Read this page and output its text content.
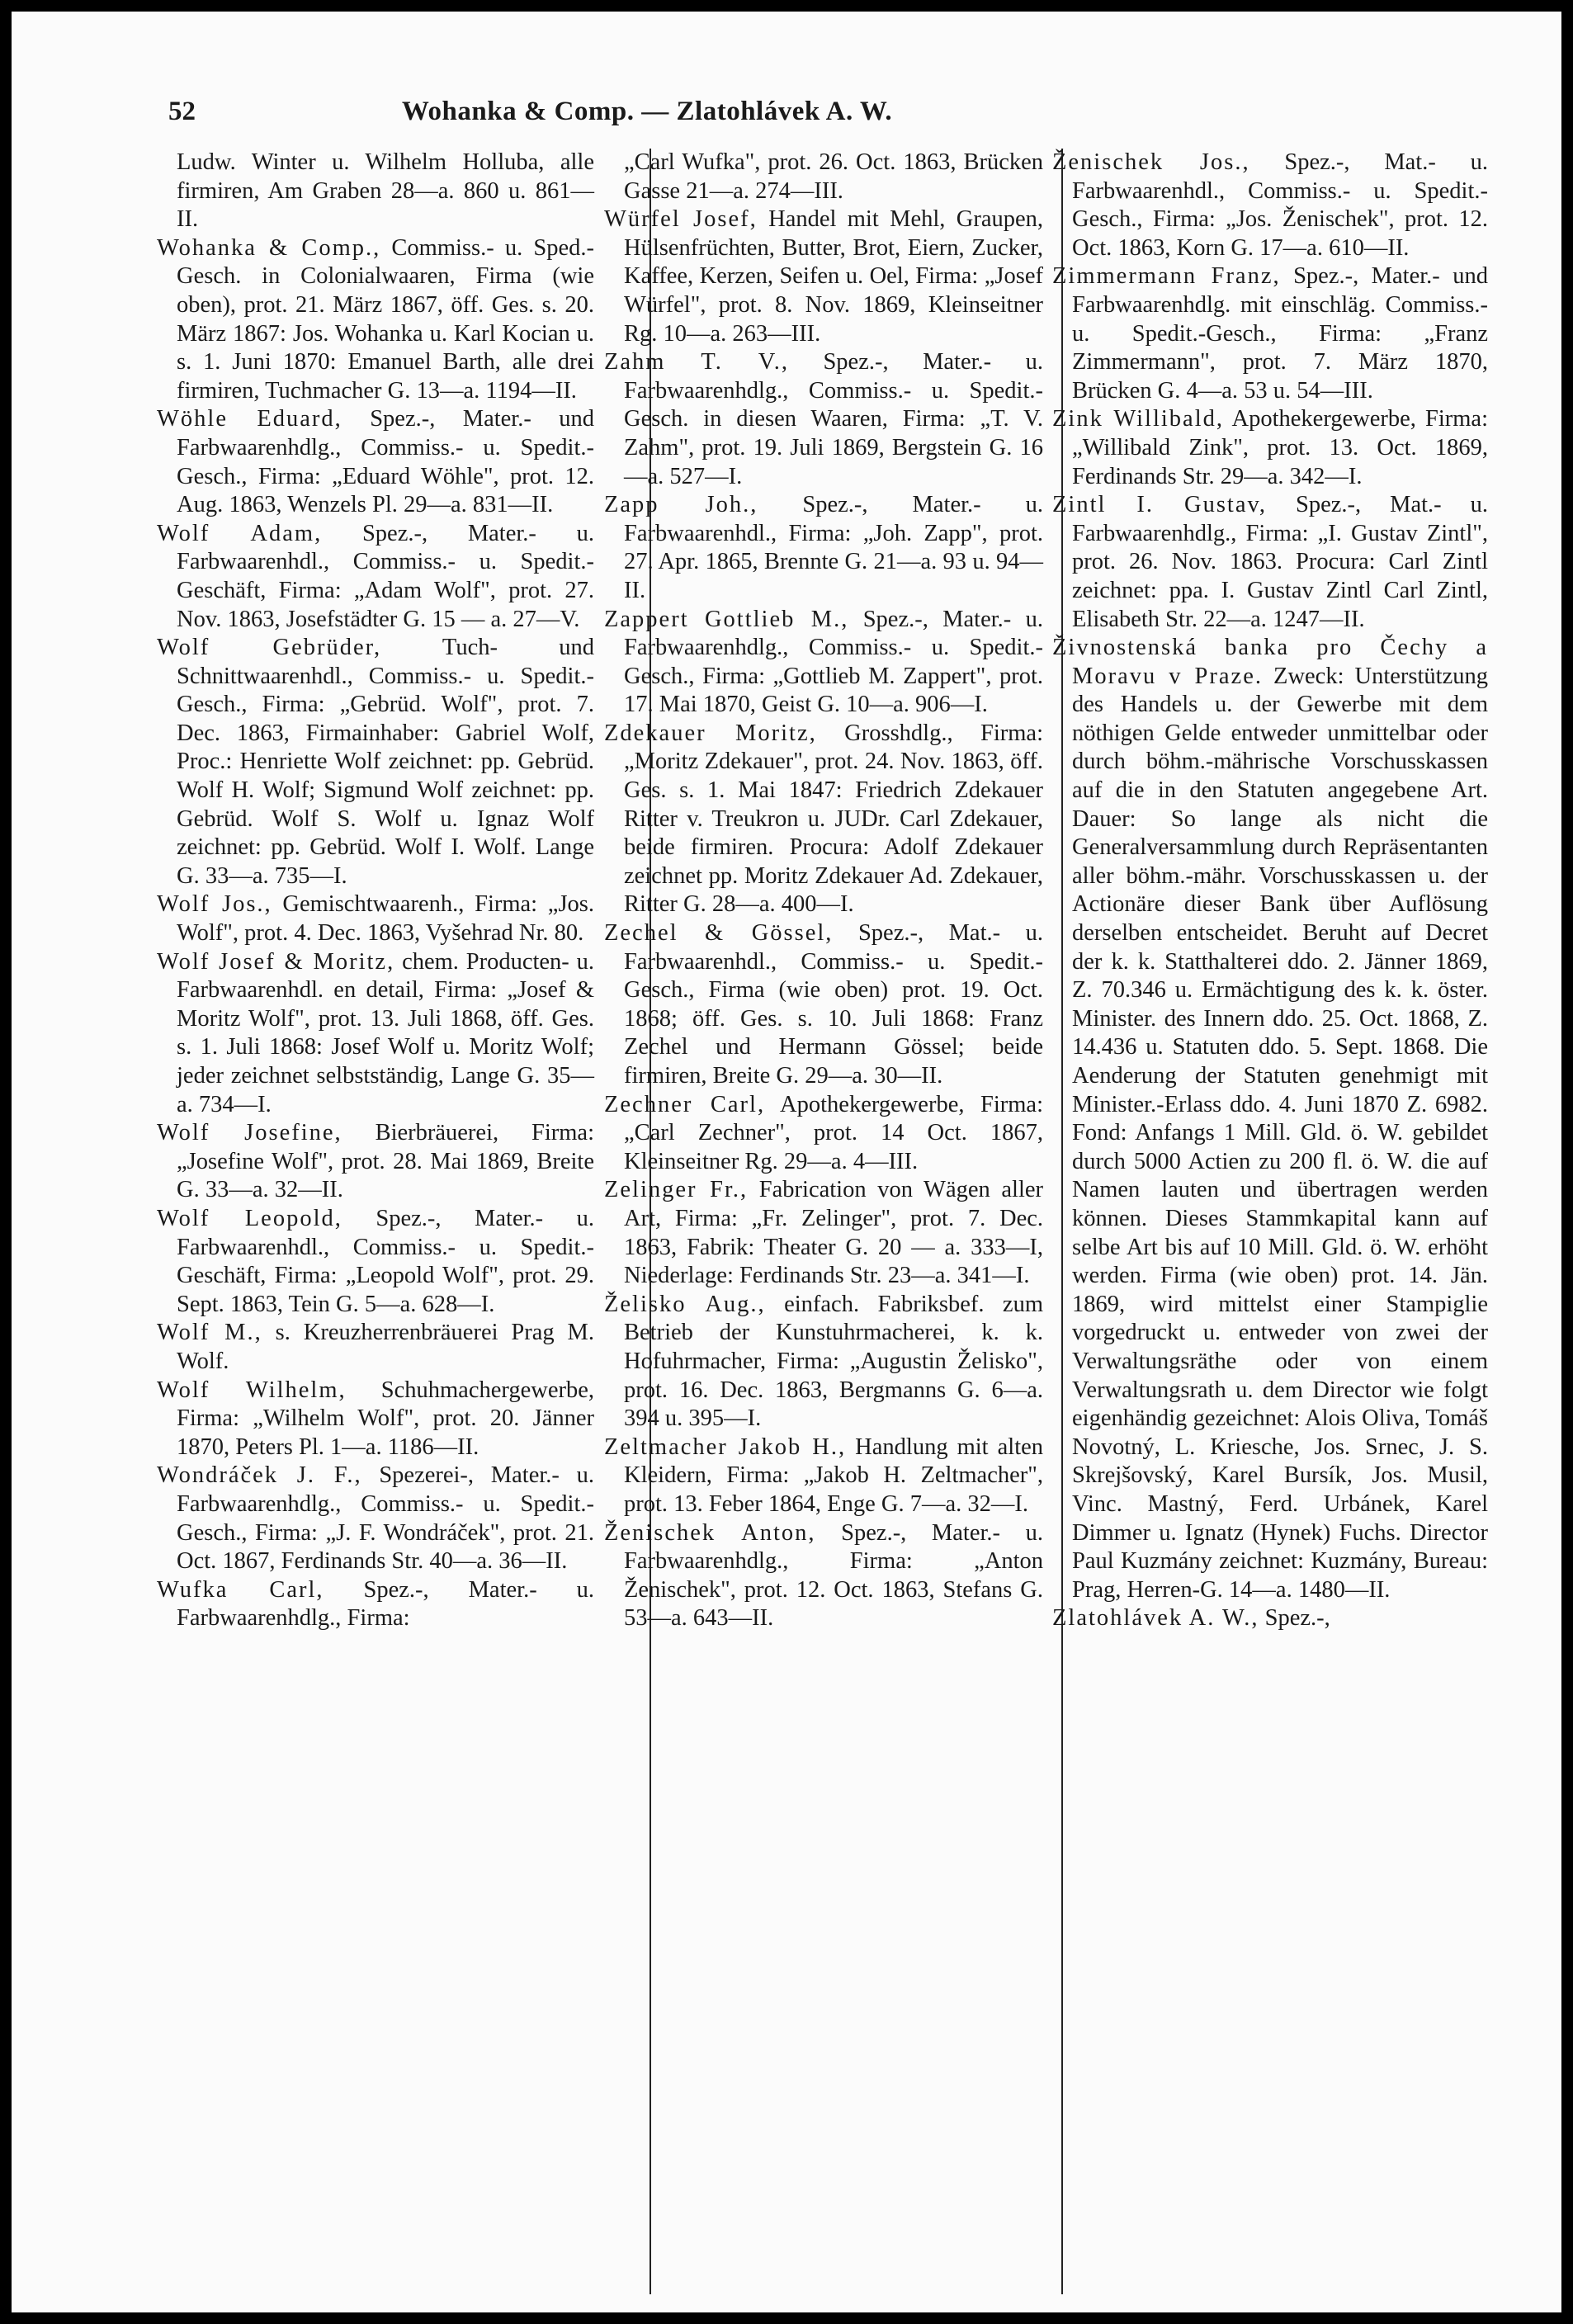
52	Wohanka & Comp. — Zlatohlávek A. W.

Ludw. Winter u. Wilhelm Holluba, alle firmiren, Am Graben 28—a. 860 u. 861—II.

Wohanka & Comp., Commiss.- u. Sped.-Gesch. in Colonialwaaren, Firma (wie oben), prot. 21. März 1867, öff. Ges. s. 20. März 1867: Jos. Wohanka u. Karl Kocian u. s. 1. Juni 1870: Emanuel Barth, alle drei firmiren, Tuchmacher G. 13—a. 1194—II.

Wöhle Eduard, Spez.-, Mater.- und Farbwaarenhdlg., Commiss.- u. Spedit.-Gesch., Firma: „Eduard Wöhle", prot. 12. Aug. 1863, Wenzels Pl. 29—a. 831—II.

Wolf Adam, Spez.-, Mater.- u. Farbwaarenhdl., Commiss.- u. Spedit.-Geschäft, Firma: „Adam Wolf", prot. 27. Nov. 1863, Josefstädter G. 15 — a. 27—V.

Wolf Gebrüder,	Tuch- und Schnittwaarenhdl., Commiss.- u. Spedit.-Gesch., Firma: „Gebrüd. Wolf", prot. 7. Dec. 1863, Firmainhaber: Gabriel Wolf, Proc.: Henriette Wolf zeichnet: pp. Gebrüd. Wolf H. Wolf; Sigmund Wolf zeichnet: pp. Gebrüd. Wolf S. Wolf u. Ignaz Wolf zeichnet: pp. Gebrüd. Wolf I. Wolf. Lange G. 33—a. 735—I.

Wolf Jos., Gemischtwaarenh., Firma: „Jos. Wolf", prot. 4. Dec. 1863, Vyšehrad Nr. 80.

Wolf Josef & Moritz, chem. Producten- u. Farbwaarenhdl. en detail, Firma: „Josef & Moritz Wolf", prot. 13. Juli 1868, öff. Ges. s. 1. Juli 1868: Josef Wolf u. Moritz Wolf; jeder zeichnet selbstständig, Lange G. 35—a. 734—I.

Wolf Josefine, Bierbräuerei, Firma: „Josefine Wolf", prot. 28. Mai 1869, Breite G. 33—a. 32—II.

Wolf Leopold, Spez.-, Mater.- u. Farbwaarenhdl., Commiss.- u. Spedit.-Geschäft, Firma: „Leopold Wolf", prot. 29. Sept. 1863, Tein G. 5—a. 628—I.

Wolf M., s. Kreuzherrenbräuerei Prag M. Wolf.

Wolf Wilhelm, Schuhmachergewerbe, Firma: „Wilhelm Wolf", prot. 20. Jänner 1870, Peters Pl. 1—a. 1186—II.

Wondráček J. F., Spezerei-, Mater.- u. Farbwaarenhdlg., Commiss.- u. Spedit.-Gesch., Firma: „J. F. Wondráček", prot. 21. Oct. 1867, Ferdinands Str. 40—a. 36—II.

Wufka Carl, Spez.-, Mater.- u. Farbwaarenhdlg., Firma:

„Carl Wufka", prot. 26. Oct. 1863, Brücken Gasse 21—a. 274—III.

Würfel Josef, Handel mit Mehl, Graupen, Hülsenfrüchten, Butter, Brot, Eiern, Zucker, Kaffee, Kerzen, Seifen u. Oel, Firma: „Josef Würfel", prot. 8. Nov. 1869, Kleinseitner Rg. 10—a. 263—III.

Zahm T. V., Spez.-, Mater.- u. Farbwaarenhdlg., Commiss.- u. Spedit.-Gesch. in diesen Waaren, Firma: „T. V. Zahm", prot. 19. Juli 1869, Bergstein G. 16—a. 527—I.

Zapp Joh., Spez.-, Mater.- u. Farbwaarenhdl., Firma: „Joh. Zapp", prot. 27. Apr. 1865, Brennte G. 21—a. 93 u. 94—II.

Zappert Gottlieb M., Spez.-, Mater.- u. Farbwaarenhdlg., Commiss.- u. Spedit.-Gesch., Firma: „Gottlieb M. Zappert", prot. 17. Mai 1870, Geist G. 10—a. 906—I.

Zdekauer Moritz, Grosshdlg., Firma: „Moritz Zdekauer", prot. 24. Nov. 1863, öff. Ges. s. 1. Mai 1847: Friedrich Zdekauer Ritter v. Treukron u. JUDr. Carl Zdekauer, beide firmiren. Procura: Adolf Zdekauer zeichnet pp. Moritz Zdekauer Ad. Zdekauer, Ritter G. 28—a. 400—I.

Zechel & Gössel, Spez.-, Mat.- u. Farbwaarenhdl., Commiss.- u. Spedit.-Gesch., Firma (wie oben) prot. 19. Oct. 1868; öff. Ges. s. 10. Juli 1868: Franz Zechel und Hermann Gössel; beide firmiren, Breite G. 29—a. 30—II.

Zechner Carl, Apothekergewerbe, Firma: „Carl Zechner", prot. 14 Oct. 1867, Kleinseitner Rg. 29—a. 4—III.

Zelinger Fr., Fabrication von Wägen aller Art, Firma: „Fr. Zelinger", prot. 7. Dec. 1863, Fabrik: Theater G. 20 — a. 333—I, Niederlage: Ferdinands Str. 23—a. 341—I.

Želisko Aug., einfach. Fabriksbef. zum Betrieb der Kunstuhrmacherei, k. k. Hofuhrmacher, Firma: „Augustin Želisko", prot. 16. Dec. 1863, Bergmanns G. 6—a. 394 u. 395—I.

Zeltmacher Jakob H., Handlung mit alten Kleidern, Firma: „Jakob H. Zeltmacher", prot. 13. Feber 1864, Enge G. 7—a. 32—I.

Ženischek Anton, Spez.-, Mater.- u. Farbwaarenhdlg., Firma: „Anton Ženischek", prot. 12. Oct. 1863, Stefans G. 53—a. 643—II.

Ženischek Jos., Spez.-, Mat.- u. Farbwaarenhdl., Commiss.- u. Spedit.-Gesch., Firma: „Jos. Ženischek", prot. 12. Oct. 1863, Korn G. 17—a. 610—II.

Zimmermann Franz, Spez.-, Mater.- und Farbwaarenhdlg. mit einschläg. Commiss.- u. Spedit.-Gesch., Firma: „Franz Zimmermann", prot. 7. März 1870, Brücken G. 4—a. 53 u. 54—III.

Zink Willibald, Apothekergewerbe, Firma: „Willibald Zink", prot. 13. Oct. 1869, Ferdinands Str. 29—a. 342—I.

Zintl I. Gustav, Spez.-, Mat.- u. Farbwaarenhdlg., Firma: „I. Gustav Zintl", prot. 26. Nov. 1863. Procura: Carl Zintl zeichnet: ppa. I. Gustav Zintl Carl Zintl, Elisabeth Str. 22—a. 1247—II.

Živnostenská banka pro Čechy a Moravu v Praze. Zweck: Unterstützung des Handels u. der Gewerbe mit dem nöthigen Gelde entweder unmittelbar oder durch böhm.-mährische Vorschusskassen auf die in den Statuten angegebene Art. Dauer: So lange als nicht die Generalversammlung durch Repräsentanten aller böhm.-mähr. Vorschusskassen u. der Actionäre dieser Bank über Auflösung derselben entscheidet. Beruht auf Decret der k. k. Statthalterei ddo. 2. Jänner 1869, Z. 70.346 u. Ermächtigung des k. k. öster. Minister. des Innern ddo. 25. Oct. 1868, Z. 14.436 u. Statuten ddo. 5. Sept. 1868. Die Aenderung der Statuten genehmigt mit Minister.-Erlass ddo. 4. Juni 1870 Z. 6982. Fond: Anfangs 1 Mill. Gld. ö. W. gebildet durch 5000 Actien zu 200 fl. ö. W. die auf Namen lauten und übertragen werden können. Dieses Stammkapital kann auf selbe Art bis auf 10 Mill. Gld. ö. W. erhöht werden. Firma (wie oben) prot. 14. Jän. 1869, wird mittelst einer Stampiglie vorgedruckt u. entweder von zwei der Verwaltungsräthe oder von einem Verwaltungsrath u. dem Director wie folgt eigenhändig gezeichnet: Alois Oliva, Tomáš Novotný, L. Kriesche, Jos. Srnec, J. S. Skrejšovský, Karel Bursík, Jos. Musil, Vinc. Mastný, Ferd. Urbánek, Karel Dimmer u. Ignatz (Hynek) Fuchs. Director Paul Kuzmány zeichnet: Kuzmány, Bureau: Prag, Herren-G. 14—a. 1480—II.

Zlatohlávek A. W., Spez.-,
